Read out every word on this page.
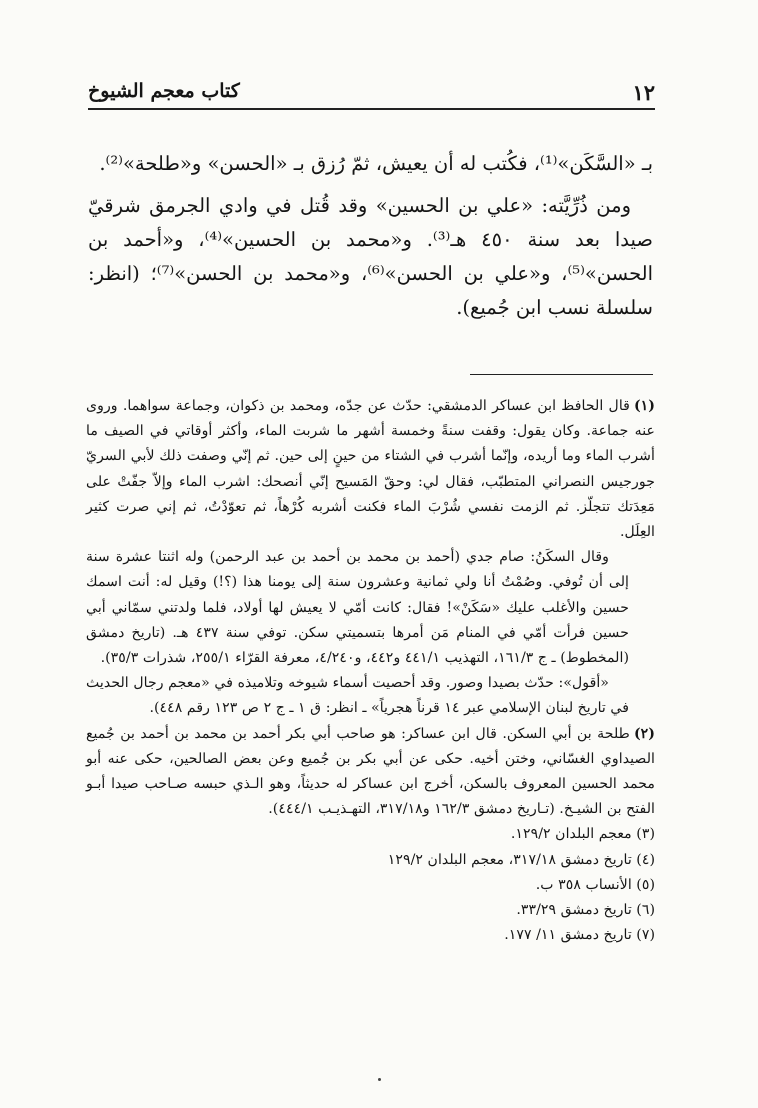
١٢
كتاب معجم الشيوخ

بـ «السَّكَن»⁽¹⁾، فكُتب له أن يعيش، ثمّ رُزق بـ «الحسن» و«طلحة»⁽²⁾.

ومن ذُرِّيَّته: «علي بن الحسين» وقد قُتل في وادي الجرمق شرقيّ صيدا بعد سنة ٤٥٠ هـ⁽³⁾. و«محمد بن الحسين»⁽⁴⁾، و«أحمد بن الحسن»⁽⁵⁾، و«علي بن الحسن»⁽⁶⁾، و«محمد بن الحسن»⁽⁷⁾؛ (انظر: سلسلة نسب ابن جُميع).

(١)قال الحافظ ابن عساكر الدمشقي: حدّث عن جدّه، ومحمد بن ذكوان، وجماعة سواهما. وروى عنه جماعة. وكان يقول: وقفت سنةً وخمسة أشهر ما شربت الماء، وأكثر أوقاتي في الصيف ما أشرب الماء وما أريده، وإنّما أشرب في الشتاء من حينٍ إلى حين. ثم إنّي وصفت ذلك لأبي السريّ جورجيس النصراني المتطبّب، فقال لي: وحقّ المَسيح إنّي أنصحك: اشرب الماء وإلاّ جفّتْ على مَعِدَتك تتجلّز. ثم الزمت نفسي شُرْبَ الماء فكنت أشربه كُرْهاً، ثم تعوّدْتُ، ثم إني صرت كثير العِلَل.

وقال السكَنُ: صام جدي (أحمد بن محمد بن أحمد بن عبد الرحمن) وله اثنتا عشرة سنة إلى أن تُوفي. وصُمْتُ أنا ولي ثمانية وعشرون سنة إلى يومنا هذا (؟!) وقيل له: أنت اسمك حسين والأغلب عليك «سَكَنْ»! فقال: كانت أمّي لا يعيش لها أولاد، فلما ولدتني سمّاني أبي حسين فرأت أمّي في المنام مَن أمرها بتسميتي سكن. توفي سنة ٤٣٧ هـ. (تاريخ دمشق (المخطوط) ـ ج ١٦١/٣، التهذيب ٤٤١/١ و٤٤٢، و٤/٢٤٠، معرفة القرّاء ٢٥٥/١، شذرات ٣٥/٣).

«أقول»: حدّث بصيدا وصور. وقد أحصيت أسماء شيوخه وتلاميذه في «معجم رجال الحديث في تاريخ لبنان الإسلامي عبر ١٤ قرناً هجرياً» ـ انظر: ق ١ ـ ج ٢ ص ١٢٣ رقم ٤٤٨).

(٢)طلحة بن أبي السكن. قال ابن عساكر: هو صاحب أبي بكر أحمد بن محمد بن أحمد بن جُميع الصيداوي الغسّاني، وختن أخيه. حكى عن أبي بكر بن جُميع وعن بعض الصالحين، حكى عنه أبو محمد الحسين المعروف بالسكن، أخرج ابن عساكر له حديثاً، وهو الـذي حبسه صـاحب صيدا أبـو الفتح بن الشيـخ. (تـاريخ دمشق ١٦٢/٣ و٣١٧/١٨، التهـذيـب ٤٤٤/١).

(٣) معجم البلدان ١٢٩/٢.

(٤) تاريخ دمشق ٣١٧/١٨، معجم البلدان ١٢٩/٢

(٥) الأنساب ٣٥٨ ب.

(٦) تاريخ دمشق ٣٣/٢٩.

(٧) تاريخ دمشق ١١/ ١٧٧.
